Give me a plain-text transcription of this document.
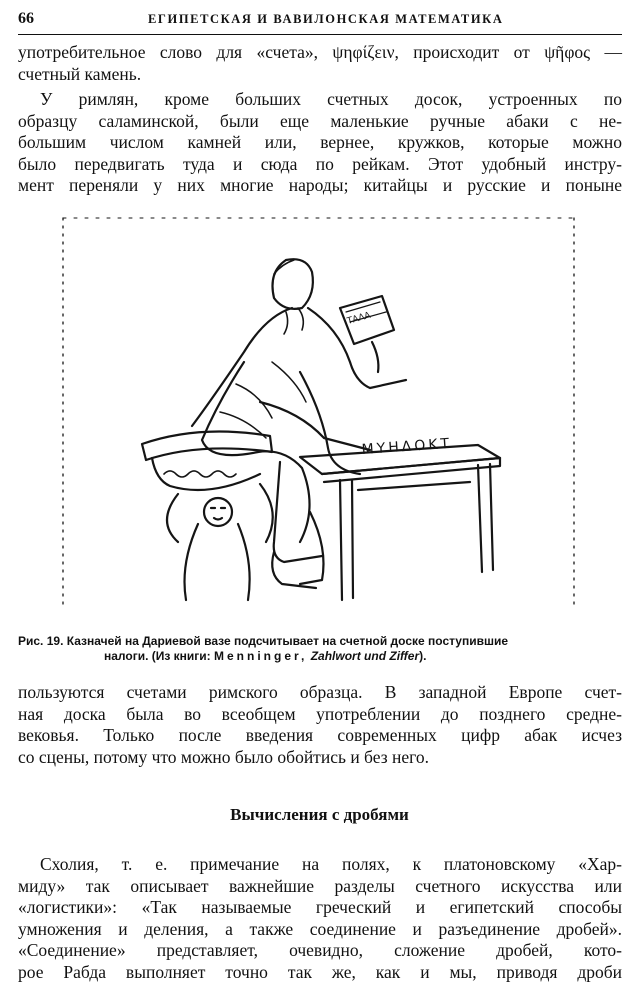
66	ЕГИПЕТСКАЯ И ВАВИЛОНСКАЯ МАТЕМАТИКА
употребительное слово для «счета», ψηφίζειν, происходит от ψῆφος —
счетный камень.
У римлян, кроме больших счетных досок, устроенных по
образцу саламинской, были еще маленькие ручные абаки с не-
большим числом камней или, вернее, кружков, которые можно
было передвигать туда и сюда по рейкам. Этот удобный инстру-
мент переняли у них многие народы; китайцы и русские и поныне
ΜΥΗΔΟΚΤ
ΤΑΛΑ
Рис. 19. Казначей на Дариевой вазе подсчитывает на счетной доске поступившие
налоги. (Из книги: Menninger, Zahlwort und Ziffer).
пользуются счетами римского образца. В западной Европе счет-
ная доска была во всеобщем употреблении до позднего средне-
вековья. Только после введения современных цифр абак исчез
со сцены, потому что можно было обойтись и без него.
Вычисления с дробями
Схолия, т. е. примечание на полях, к платоновскому «Хар-
миду» так описывает важнейшие разделы счетного искусства или
«логистики»: «Так называемые греческий и египетский способы
умножения и деления, а также соединение и разъединение дробей».
«Соединение» представляет, очевидно, сложение дробей, кото-
рое Рабда выполняет точно так же, как и мы, приводя дроби
